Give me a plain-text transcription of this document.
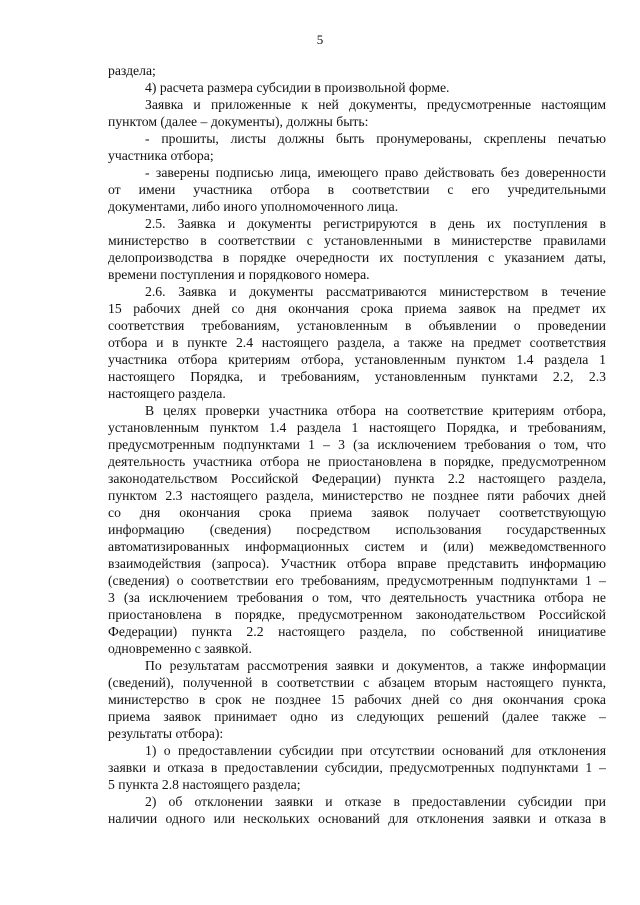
5
раздела;
4) расчета размера субсидии в произвольной форме.
Заявка и приложенные к ней документы, предусмотренные настоящим
пунктом (далее – документы), должны быть:
- прошиты, листы должны быть пронумерованы, скреплены печатью
участника отбора;
- заверены подписью лица, имеющего право действовать без доверенности
от имени участника отбора в соответствии с его учредительными
документами, либо иного уполномоченного лица.
2.5. Заявка и документы регистрируются в день их поступления в
министерство в соответствии с установленными в министерстве правилами
делопроизводства в порядке очередности их поступления с указанием даты,
времени поступления и порядкового номера.
2.6. Заявка и документы рассматриваются министерством в течение
15 рабочих дней со дня окончания срока приема заявок на предмет их
соответствия требованиям, установленным в объявлении о проведении
отбора и в пункте 2.4 настоящего раздела, а также на предмет соответствия
участника отбора критериям отбора, установленным пунктом 1.4 раздела 1
настоящего Порядка, и требованиям, установленным пунктами 2.2, 2.3
настоящего раздела.
В целях проверки участника отбора на соответствие критериям отбора,
установленным пунктом 1.4 раздела 1 настоящего Порядка, и требованиям,
предусмотренным подпунктами 1 – 3 (за исключением требования о том, что
деятельность участника отбора не приостановлена в порядке, предусмотренном
законодательством Российской Федерации) пункта 2.2 настоящего раздела,
пунктом 2.3 настоящего раздела, министерство не позднее пяти рабочих дней
со дня окончания срока приема заявок получает соответствующую
информацию (сведения) посредством использования государственных
автоматизированных информационных систем и (или) межведомственного
взаимодействия (запроса). Участник отбора вправе представить информацию
(сведения) о соответствии его требованиям, предусмотренным подпунктами 1 –
3 (за исключением требования о том, что деятельность участника отбора не
приостановлена в порядке, предусмотренном законодательством Российской
Федерации) пункта 2.2 настоящего раздела, по собственной инициативе
одновременно с заявкой.
По результатам рассмотрения заявки и документов, а также информации
(сведений), полученной в соответствии с абзацем вторым настоящего пункта,
министерство в срок не позднее 15 рабочих дней со дня окончания срока
приема заявок принимает одно из следующих решений (далее также –
результаты отбора):
1) о предоставлении субсидии при отсутствии оснований для отклонения
заявки и отказа в предоставлении субсидии, предусмотренных подпунктами 1 –
5 пункта 2.8 настоящего раздела;
2) об отклонении заявки и отказе в предоставлении субсидии при
наличии одного или нескольких оснований для отклонения заявки и отказа в
